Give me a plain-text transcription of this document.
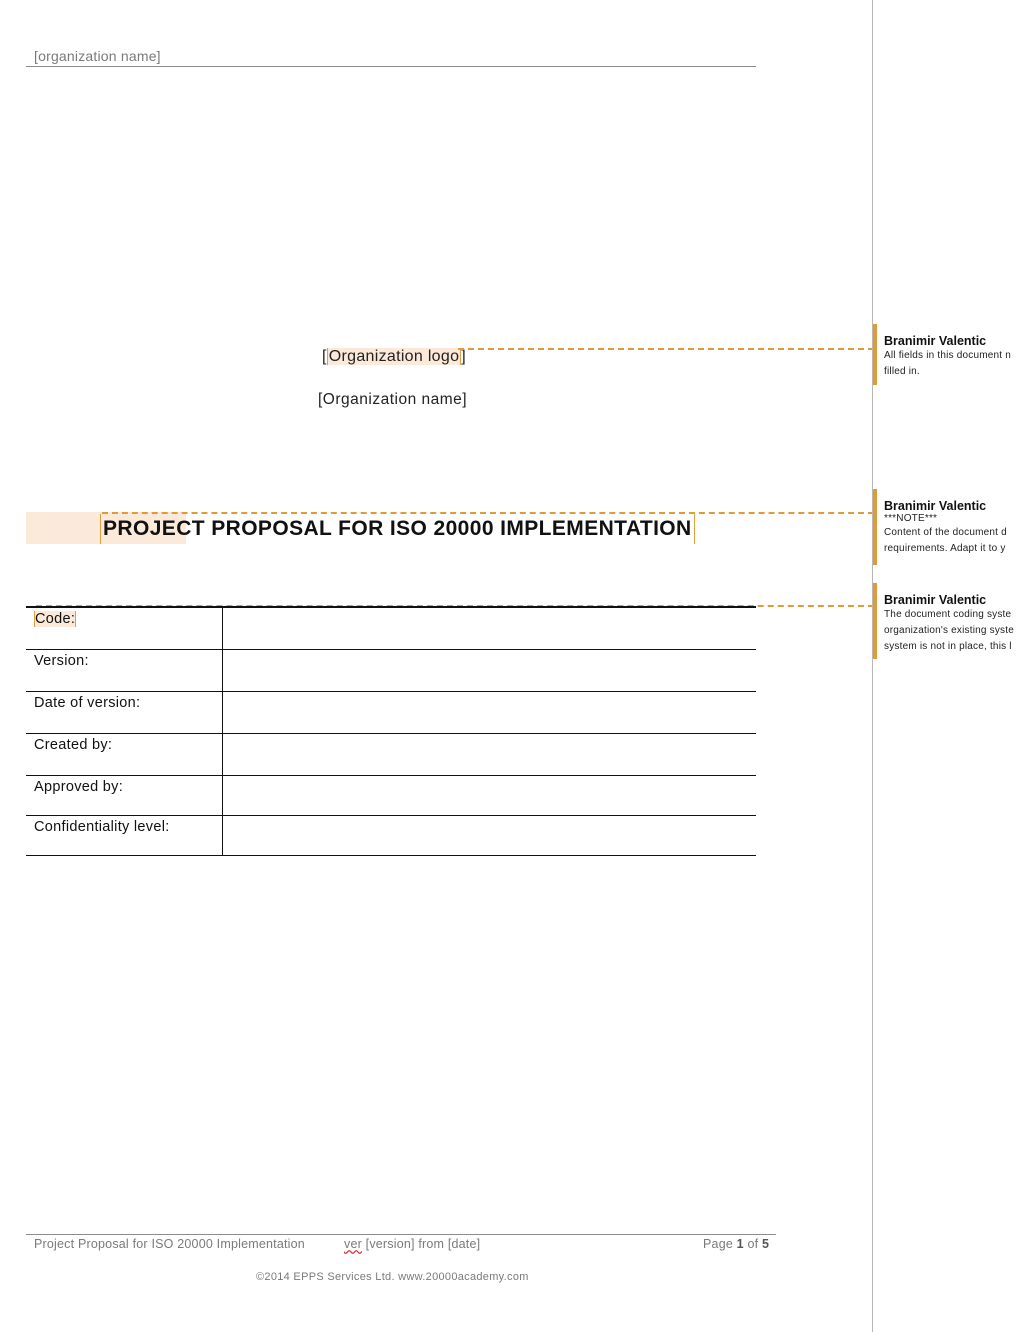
[organization name]
[ Organization logo ]
[Organization name]
PROJECT PROPOSAL FOR ISO 20000 IMPLEMENTATION
Code:	
Version:	
Date of version:	
Created by:	
Approved by:	
Confidentiality level:	
Project Proposal for ISO 20000 Implementation	ver [version] from [date]	Page 1 of 5
©2014 EPPS Services Ltd. www.20000academy.com
Branimir Valentic
All fields in this document n
filled in.
Branimir Valentic
***NOTE***
Content of the document d
requirements. Adapt it to y
Branimir Valentic
The document coding syste
organization's existing syste
system is not in place, this l
